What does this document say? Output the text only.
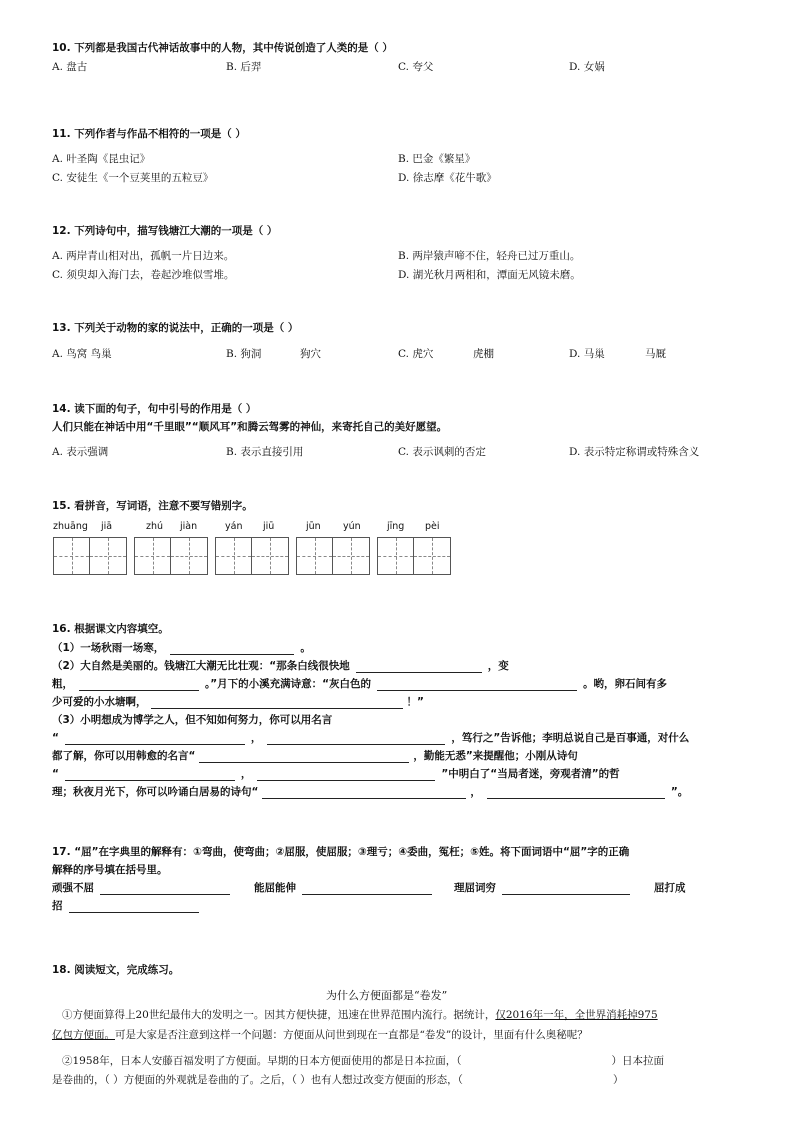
10. 下列都是我国古代神话故事中的人物，其中传说创造了人类的是（ ）
A. 盘古	B. 后羿	C. 夸父	D. 女娲
11. 下列作者与作品不相符的一项是（ ）
A. 叶圣陶《昆虫记》	B. 巴金《繁星》
C. 安徒生《一个豆荚里的五粒豆》	D. 徐志摩《花牛歌》
12. 下列诗句中，描写钱塘江大潮的一项是（ ）
A. 两岸青山相对出，孤帆一片日边来。	B. 两岸猿声啼不住，轻舟已过万重山。
C. 须臾却入海门去，卷起沙堆似雪堆。	D. 湖光秋月两相和，潭面无风镜未磨。
13. 下列关于动物的家的说法中，正确的一项是（ ）
A. 鸟窝 鸟巢	B. 狗洞	狗穴	C. 虎穴	虎棚	D. 马巢	马厩
14. 读下面的句子，句中引号的作用是（ ）
人们只能在神话中用“千里眼”“顺风耳”和腾云驾雾的神仙，来寄托自己的美好愿望。
A. 表示强调	B. 表示直接引用	C. 表示讽刺的否定	D. 表示特定称谓或特殊含义
15. 看拼音，写词语，注意不要写错别字。
zhuāng jiā	zhú jiàn	yán jiū	jūn yún	jīng pèi
16. 根据课文内容填空。
（1）一场秋雨一场寒，	。
（2）大自然是美丽的。钱塘江大潮无比壮观：“那条白线很快地	，变
粗，	。”月下的小溪充满诗意：“灰白色的	。哟，卵石间有多
少可爱的小水塘啊，	！”
（3）小明想成为博学之人，但不知如何努力，你可以用名言
“	，	，笃行之”告诉他；李明总说自己是百事通，对什么
都了解，你可以用韩愈的名言“	，勤能无悉”来提醒他；小刚从诗句
“	，	”中明白了“当局者迷，旁观者清”的哲
理；秋夜月光下，你可以吟诵白居易的诗句“	，	”。
17. “屈”在字典里的解释有：①弯曲，使弯曲；②屈服，使屈服；③理亏；④委曲，冤枉；⑤姓。将下面词语中“屈”字的正确
解释的序号填在括号里。
顽强不屈	能屈能伸	理屈词穷	屈打成
招
18. 阅读短文，完成练习。
为什么方便面都是“卷发”
①方便面算得上20世纪最伟大的发明之一。因其方便快捷，迅速在世界范围内流行。据统计，仅2016年一年，全世界消耗掉975
亿包方便面。可是大家是否注意到这样一个问题：方便面从问世到现在一直都是“卷发”的设计，里面有什么奥秘呢？
②1958年，日本人安藤百福发明了方便面。早期的日本方便面使用的都是日本拉面，（	）日本拉面
是卷曲的，（ ）方便面的外观就是卷曲的了。之后，（ ）也有人想过改变方便面的形态，（	）
